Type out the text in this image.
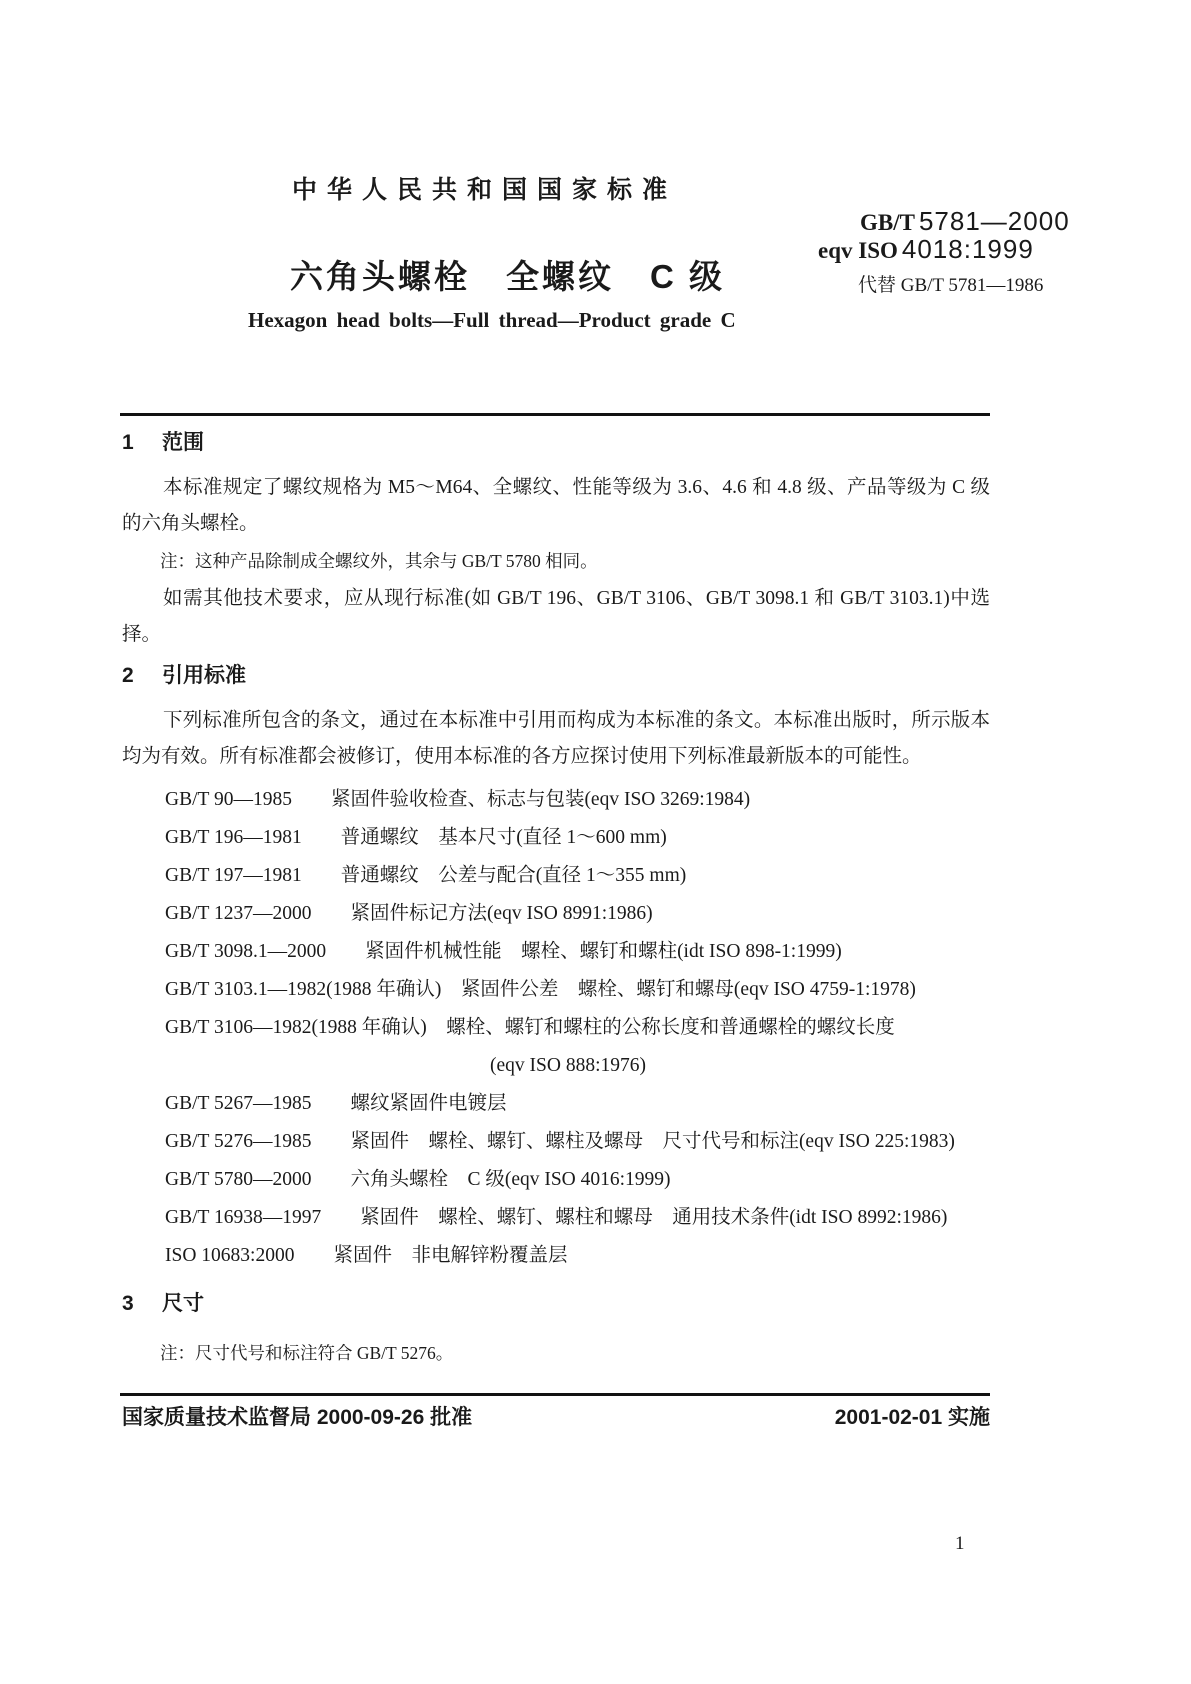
中华人民共和国国家标准
GB/T 5781—2000
eqv ISO 4018:1999
代替 GB/T 5781—1986
六角头螺栓　全螺纹　C 级
Hexagon head bolts—Full thread—Product grade C
1 范围

本标准规定了螺纹规格为 M5～M64、全螺纹、性能等级为 3.6、4.6 和 4.8 级、产品等级为 C 级的六角头螺栓。

注：这种产品除制成全螺纹外，其余与 GB/T 5780 相同。

如需其他技术要求，应从现行标准(如 GB/T 196、GB/T 3106、GB/T 3098.1 和 GB/T 3103.1)中选择。

2 引用标准

下列标准所包含的条文，通过在本标准中引用而构成为本标准的条文。本标准出版时，所示版本均为有效。所有标准都会被修订，使用本标准的各方应探讨使用下列标准最新版本的可能性。

GB/T 90—1985　　紧固件验收检查、标志与包装(eqv ISO 3269:1984)
GB/T 196—1981　　普通螺纹　基本尺寸(直径 1～600 mm)
GB/T 197—1981　　普通螺纹　公差与配合(直径 1～355 mm)
GB/T 1237—2000　　紧固件标记方法(eqv ISO 8991:1986)
GB/T 3098.1—2000　　紧固件机械性能　螺栓、螺钉和螺柱(idt ISO 898-1:1999)
GB/T 3103.1—1982(1988 年确认)　紧固件公差　螺栓、螺钉和螺母(eqv ISO 4759-1:1978)
GB/T 3106—1982(1988 年确认)　螺栓、螺钉和螺柱的公称长度和普通螺栓的螺纹长度
(eqv ISO 888:1976)
GB/T 5267—1985　　螺纹紧固件电镀层
GB/T 5276—1985　　紧固件　螺栓、螺钉、螺柱及螺母　尺寸代号和标注(eqv ISO 225:1983)
GB/T 5780—2000　　六角头螺栓　C 级(eqv ISO 4016:1999)
GB/T 16938—1997　　紧固件　螺栓、螺钉、螺柱和螺母　通用技术条件(idt ISO 8992:1986)
ISO 10683:2000　　紧固件　非电解锌粉覆盖层
3 尺寸

注：尺寸代号和标注符合 GB/T 5276。

国家质量技术监督局 2000-09-26 批准	2001-02-01 实施
1
